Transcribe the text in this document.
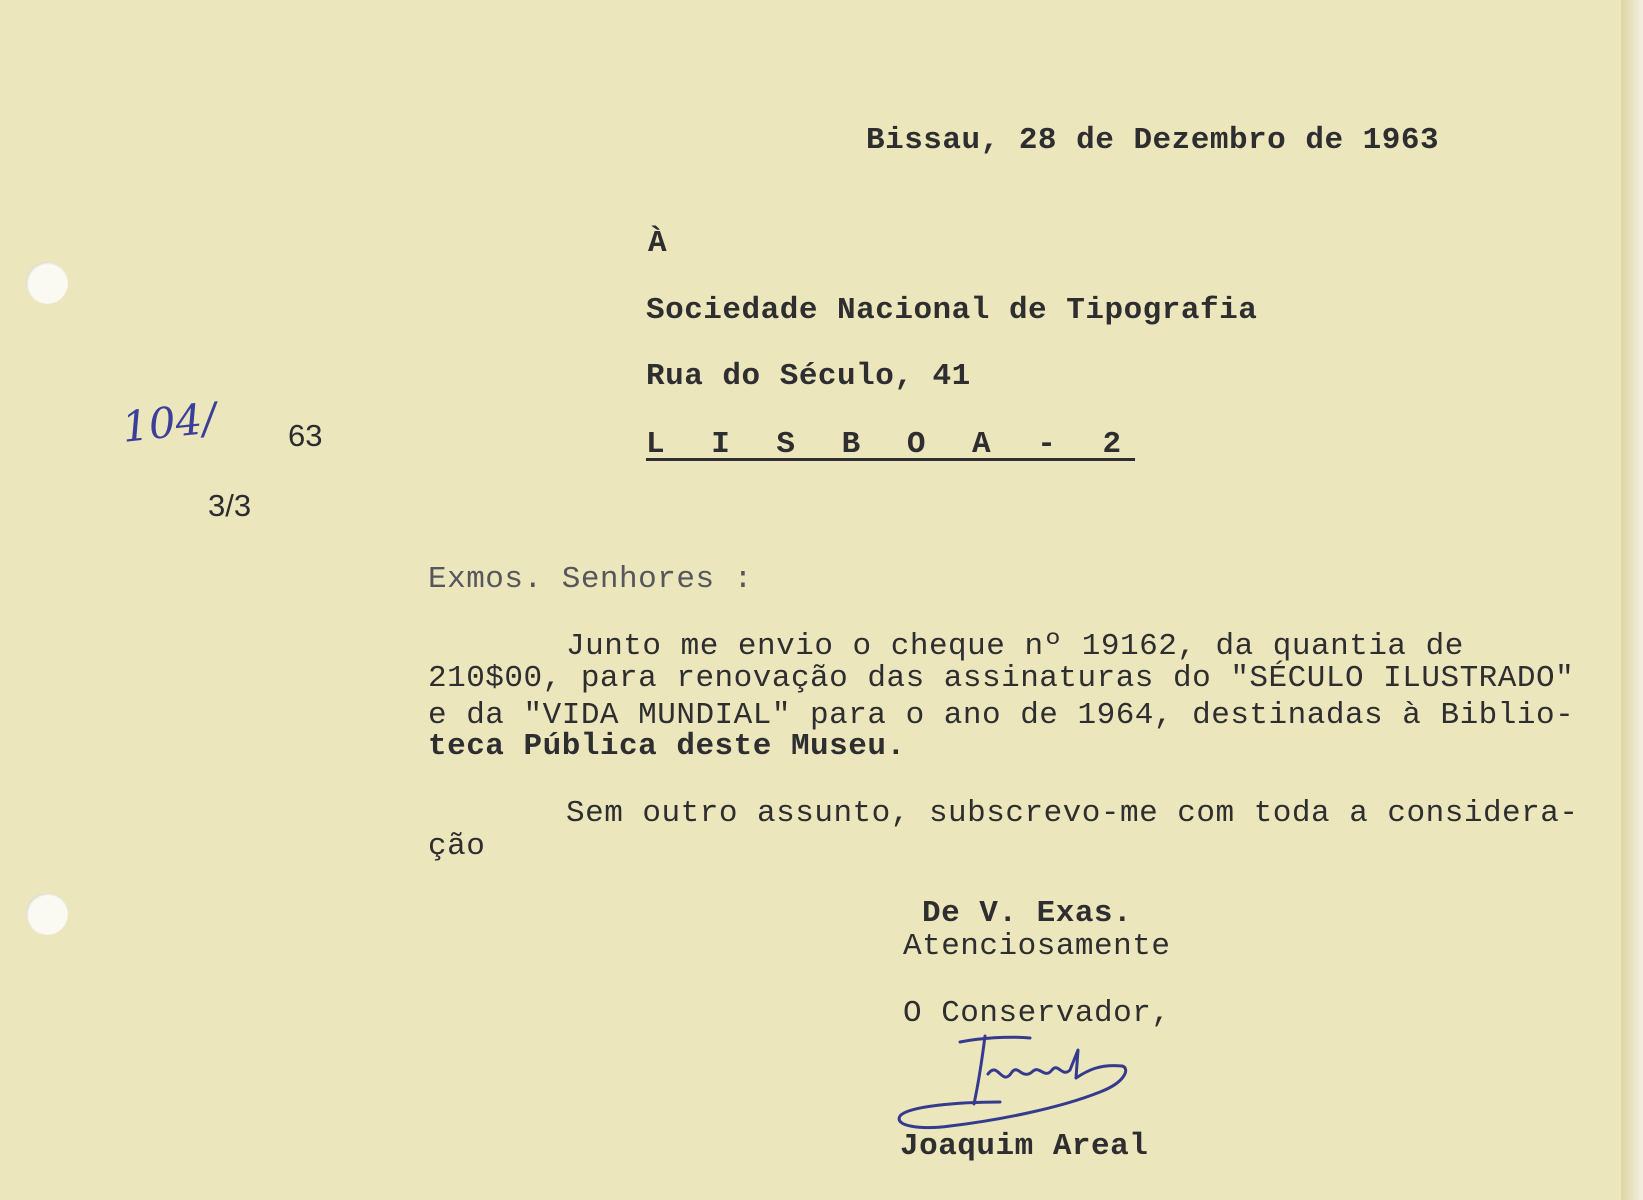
Bissau, 28 de Dezembro de 1963
À
Sociedade Nacional de Tipografia
Rua do Século, 41
L I S B O A - 2
104/ 63
3/3
Exmos. Senhores :
Junto me envio o cheque nº 19162, da quantia de
210$00, para renovação das assinaturas do "SÉCULO ILUSTRADO"
e da "VIDA MUNDIAL" para o ano de 1964, destinadas à Biblio-
teca Pública deste Museu.
Sem outro assunto, subscrevo-me com toda a considera-
ção
De V. Exas.
Atenciosamente
O Conservador,
Joaquim Areal
